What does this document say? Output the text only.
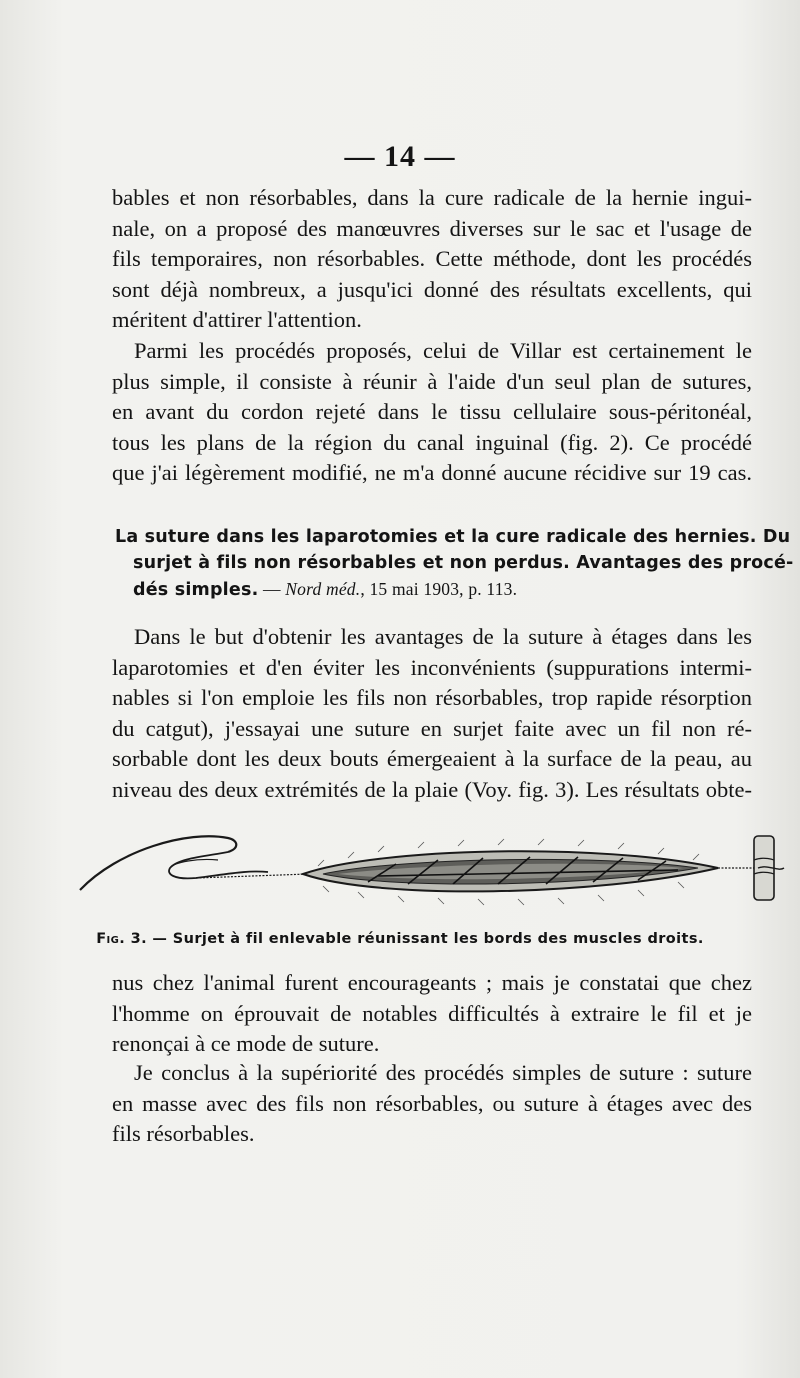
— 14 —
bables et non résorbables, dans la cure radicale de la hernie ingui-
nale, on a proposé des manœuvres diverses sur le sac et l'usage de
fils temporaires, non résorbables. Cette méthode, dont les procédés
sont déjà nombreux, a jusqu'ici donné des résultats excellents, qui
méritent d'attirer l'attention.
Parmi les procédés proposés, celui de Villar est certainement le
plus simple, il consiste à réunir à l'aide d'un seul plan de sutures,
en avant du cordon rejeté dans le tissu cellulaire sous-péritonéal,
tous les plans de la région du canal inguinal (fig. 2). Ce procédé
que j'ai légèrement modifié, ne m'a donné aucune récidive sur 19 cas.
La suture dans les laparotomies et la cure radicale des hernies. Du
surjet à fils non résorbables et non perdus. Avantages des procé-
dés simples. — Nord méd., 15 mai 1903, p. 113.
Dans le but d'obtenir les avantages de la suture à étages dans les
laparotomies et d'en éviter les inconvénients (suppurations intermi-
nables si l'on emploie les fils non résorbables, trop rapide résorption
du catgut), j'essayai une suture en surjet faite avec un fil non ré-
sorbable dont les deux bouts émergeaient à la surface de la peau, au
niveau des deux extrémités de la plaie (Voy. fig. 3). Les résultats obte-
Fig. 3. — Surjet à fil enlevable réunissant les bords des muscles droits.
nus chez l'animal furent encourageants ; mais je constatai que chez
l'homme on éprouvait de notables difficultés à extraire le fil et je
renonçai à ce mode de suture.
Je conclus à la supériorité des procédés simples de suture : suture
en masse avec des fils non résorbables, ou suture à étages avec des
fils résorbables.
